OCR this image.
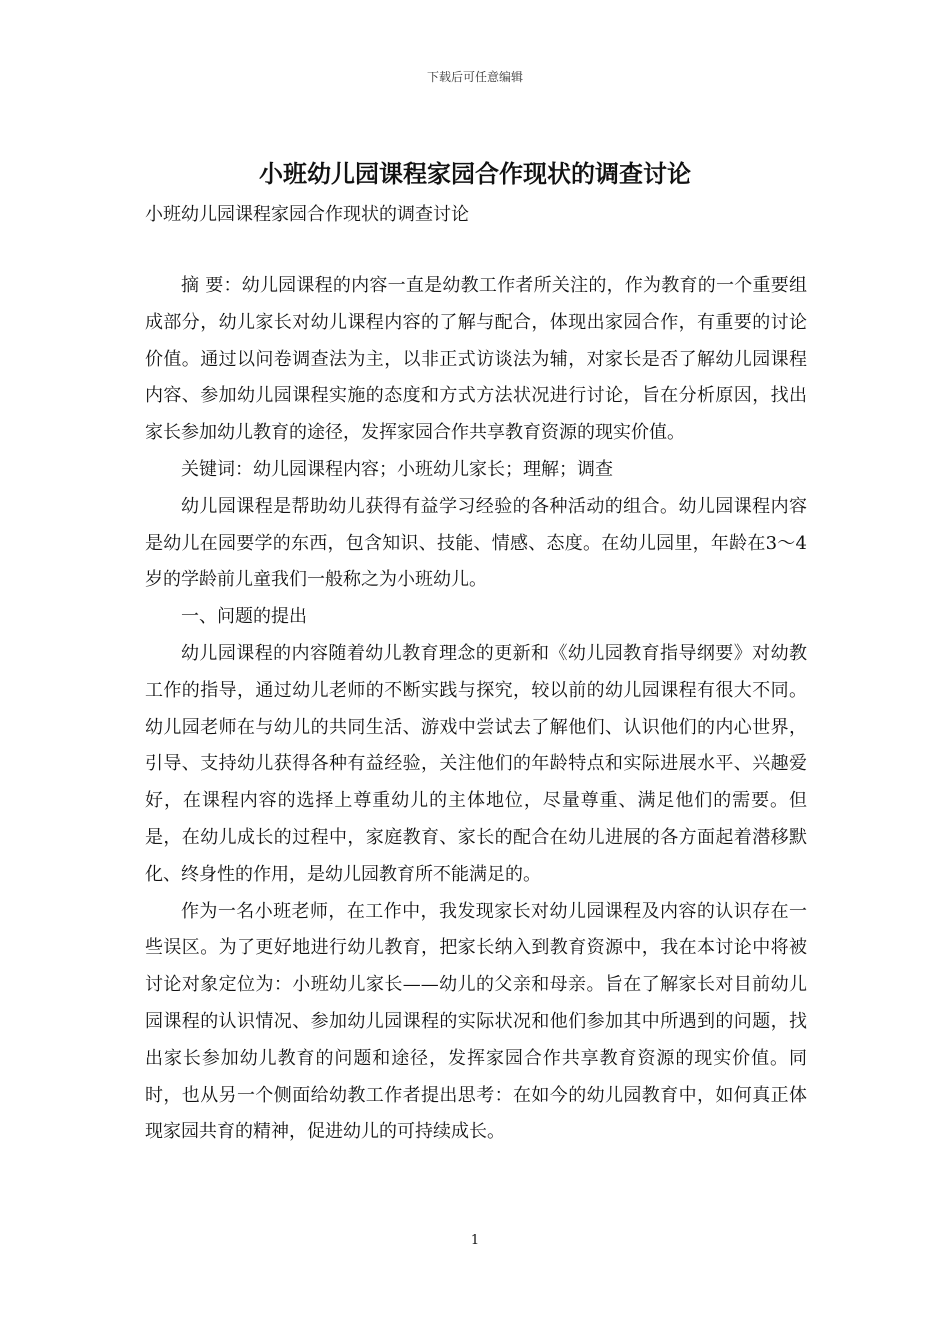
下载后可任意编辑
小班幼儿园课程家园合作现状的调查讨论

小班幼儿园课程家园合作现状的调查讨论

摘 要：幼儿园课程的内容一直是幼教工作者所关注的，作为教育的一个重要组成部分，幼儿家长对幼儿课程内容的了解与配合，体现出家园合作，有重要的讨论价值。通过以问卷调查法为主，以非正式访谈法为辅，对家长是否了解幼儿园课程内容、参加幼儿园课程实施的态度和方式方法状况进行讨论，旨在分析原因，找出家长参加幼儿教育的途径，发挥家园合作共享教育资源的现实价值。

关键词：幼儿园课程内容；小班幼儿家长；理解；调查

幼儿园课程是帮助幼儿获得有益学习经验的各种活动的组合。幼儿园课程内容是幼儿在园要学的东西，包含知识、技能、情感、态度。在幼儿园里，年龄在3～4岁的学龄前儿童我们一般称之为小班幼儿。

一、问题的提出

幼儿园课程的内容随着幼儿教育理念的更新和《幼儿园教育指导纲要》对幼教工作的指导，通过幼儿老师的不断实践与探究，较以前的幼儿园课程有很大不同。幼儿园老师在与幼儿的共同生活、游戏中尝试去了解他们、认识他们的内心世界，引导、支持幼儿获得各种有益经验，关注他们的年龄特点和实际进展水平、兴趣爱好，在课程内容的选择上尊重幼儿的主体地位，尽量尊重、满足他们的需要。但是，在幼儿成长的过程中，家庭教育、家长的配合在幼儿进展的各方面起着潜移默化、终身性的作用，是幼儿园教育所不能满足的。

作为一名小班老师，在工作中，我发现家长对幼儿园课程及内容的认识存在一些误区。为了更好地进行幼儿教育，把家长纳入到教育资源中，我在本讨论中将被讨论对象定位为：小班幼儿家长——幼儿的父亲和母亲。旨在了解家长对目前幼儿园课程的认识情况、参加幼儿园课程的实际状况和他们参加其中所遇到的问题，找出家长参加幼儿教育的问题和途径，发挥家园合作共享教育资源的现实价值。同时，也从另一个侧面给幼教工作者提出思考：在如今的幼儿园教育中，如何真正体现家园共育的精神，促进幼儿的可持续成长。

1
